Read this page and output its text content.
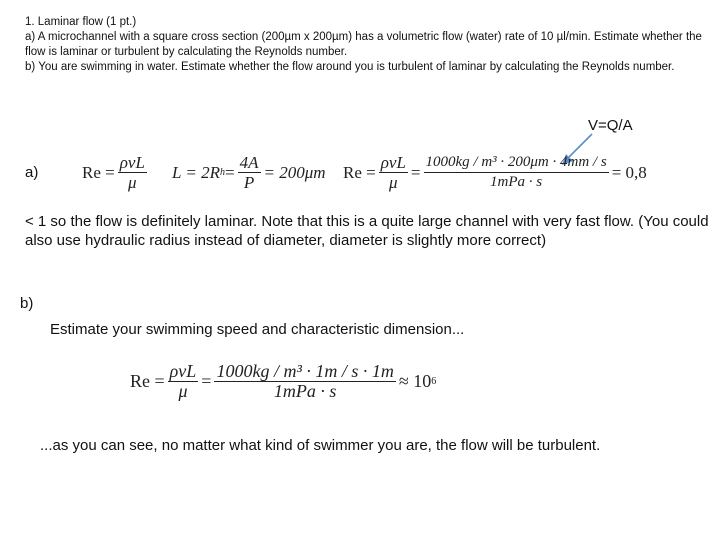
1. Laminar flow (1 pt.)
a) A microchannel with a square cross section (200µm x 200µm) has a volumetric flow (water) rate of 10 µl/min. Estimate whether the flow is laminar or turbulent by calculating the Reynolds number.
b) You are swimming in water. Estimate whether the flow around you is turbulent of laminar by calculating the Reynolds number.
V=Q/A
a)	$Re = \frac{\text{ρvL}}{\mu}$ L = 2R $h = \frac{4A}{P} = 200\mu m$ $Re = \frac{\text{ρvL}}{\mu} = \frac{\text{1000kg / m³ · 200μm · 4mm / s}}{\text{1mPa · s}} = 0,8$
< 1 so the flow is definitely laminar. Note that this is a quite large channel with very fast flow. (You could also use hydraulic radius instead of diameter, diameter is slightly more correct)
b)
Estimate your swimming speed and characteristic dimension...
$Re = \frac{\text{ρvL}}{\mu} = \frac{\text{1000kg / m³ · 1m / s · 1m}}{\text{1mPa · s}} \approx 10$ 6
...as you can see, no matter what kind of swimmer you are, the flow will be turbulent.
